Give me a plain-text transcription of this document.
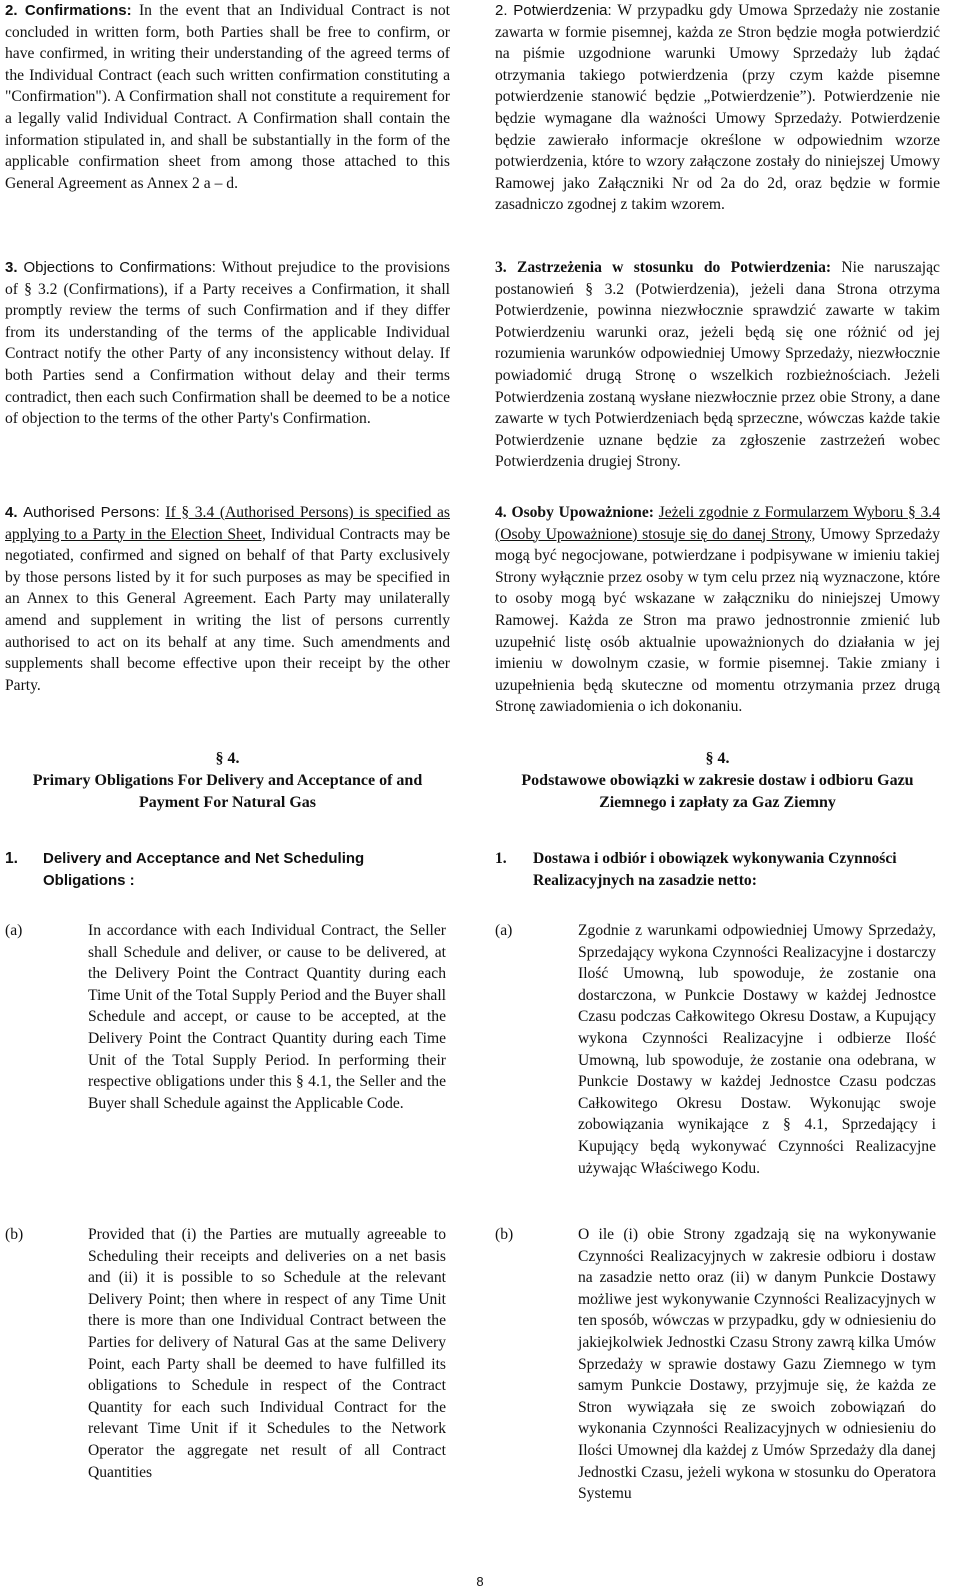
2. Confirmations: In the event that an Individual Contract is not concluded in written form, both Parties shall be free to confirm, or have confirmed, in writing their understanding of the agreed terms of the Individual Contract (each such written confirmation constituting a "Confirmation"). A Confirmation shall not constitute a requirement for a legally valid Individual Contract. A Confirmation shall contain the information stipulated in, and shall be substantially in the form of the applicable confirmation sheet from among those attached to this General Agreement as Annex 2 a – d.

3. Objections to Confirmations: Without prejudice to the provisions of § 3.2 (Confirmations), if a Party receives a Confirmation, it shall promptly review the terms of such Confirmation and if they differ from its understanding of the terms of the applicable Individual Contract notify the other Party of any inconsistency without delay. If both Parties send a Confirmation without delay and their terms contradict, then each such Confirmation shall be deemed to be a notice of objection to the terms of the other Party's Confirmation.

4. Authorised Persons: If § 3.4 (Authorised Persons) is specified as applying to a Party in the Election Sheet, Individual Contracts may be negotiated, confirmed and signed on behalf of that Party exclusively by those persons listed by it for such purposes as may be specified in an Annex to this General Agreement. Each Party may unilaterally amend and supplement in writing the list of persons currently authorised to act on its behalf at any time. Such amendments and supplements shall become effective upon their receipt by the other Party.

§ 4.
Primary Obligations For Delivery and Acceptance of and Payment For Natural Gas
1. Delivery and Acceptance and Net Scheduling Obligations :

(a)	In accordance with each Individual Contract, the Seller shall Schedule and deliver, or cause to be delivered, at the Delivery Point the Contract Quantity during each Time Unit of the Total Supply Period and the Buyer shall Schedule and accept, or cause to be accepted, at the Delivery Point the Contract Quantity during each Time Unit of the Total Supply Period. In performing their respective obligations under this § 4.1, the Seller and the Buyer shall Schedule against the Applicable Code.

(b)	Provided that (i) the Parties are mutually agreeable to Scheduling their receipts and deliveries on a net basis and (ii) it is possible to so Schedule at the relevant Delivery Point; then where in respect of any Time Unit there is more than one Individual Contract between the Parties for delivery of Natural Gas at the same Delivery Point, each Party shall be deemed to have fulfilled its obligations to Schedule in respect of the Contract Quantity for each such Individual Contract for the relevant Time Unit if it Schedules to the Network Operator the aggregate net result of all Contract Quantities

2. Potwierdzenia: W przypadku gdy Umowa Sprzedaży nie zostanie zawarta w formie pisemnej, każda ze Stron będzie mogła potwierdzić na piśmie uzgodnione warunki Umowy Sprzedaży lub żądać otrzymania takiego potwierdzenia (przy czym każde pisemne potwierdzenie stanowić będzie „Potwierdzenie”). Potwierdzenie nie będzie wymagane dla ważności Umowy Sprzedaży. Potwierdzenie będzie zawierało informacje określone w odpowiednim wzorze potwierdzenia, które to wzory załączone zostały do niniejszej Umowy Ramowej jako Załączniki Nr od 2a do 2d, oraz będzie w formie zasadniczo zgodnej z takim wzorem.

3. Zastrzeżenia w stosunku do Potwierdzenia: Nie naruszając postanowień § 3.2 (Potwierdzenia), jeżeli dana Strona otrzyma Potwierdzenie, powinna niezwłocznie sprawdzić zawarte w takim Potwierdzeniu warunki oraz, jeżeli będą się one różnić od jej rozumienia warunków odpowiedniej Umowy Sprzedaży, niezwłocznie powiadomić drugą Stronę o wszelkich rozbieżnościach. Jeżeli Potwierdzenia zostaną wysłane niezwłocznie przez obie Strony, a dane zawarte w tych Potwierdzeniach będą sprzeczne, wówczas każde takie Potwierdzenie uznane będzie za zgłoszenie zastrzeżeń wobec Potwierdzenia drugiej Strony.

4. Osoby Upoważnione: Jeżeli zgodnie z Formularzem Wyboru § 3.4 (Osoby Upoważnione) stosuje się do danej Strony, Umowy Sprzedaży mogą być negocjowane, potwierdzane i podpisywane w imieniu takiej Strony wyłącznie przez osoby w tym celu przez nią wyznaczone, które to osoby mogą być wskazane w załączniku do niniejszej Umowy Ramowej. Każda ze Stron ma prawo jednostronnie zmienić lub uzupełnić listę osób aktualnie upoważnionych do działania w jej imieniu w dowolnym czasie, w formie pisemnej. Takie zmiany i uzupełnienia będą skuteczne od momentu otrzymania przez drugą Stronę zawiadomienia o ich dokonaniu.

§ 4.
Podstawowe obowiązki w zakresie dostaw i odbioru Gazu Ziemnego i zapłaty za Gaz Ziemny
1. Dostawa i odbiór i obowiązek wykonywania Czynności Realizacyjnych na zasadzie netto:

(a)	Zgodnie z warunkami odpowiedniej Umowy Sprzedaży, Sprzedający wykona Czynności Realizacyjne i dostarczy Ilość Umowną, lub spowoduje, że zostanie ona dostarczona, w Punkcie Dostawy w każdej Jednostce Czasu podczas Całkowitego Okresu Dostaw, a Kupujący wykona Czynności Realizacyjne i odbierze Ilość Umowną, lub spowoduje, że zostanie ona odebrana, w Punkcie Dostawy w każdej Jednostce Czasu podczas Całkowitego Okresu Dostaw. Wykonując swoje zobowiązania wynikające z § 4.1, Sprzedający i Kupujący będą wykonywać Czynności Realizacyjne używając Właściwego Kodu.

(b)	O ile (i) obie Strony zgadzają się na wykonywanie Czynności Realizacyjnych w zakresie odbioru i dostaw na zasadzie netto oraz (ii) w danym Punkcie Dostawy możliwe jest wykonywanie Czynności Realizacyjnych w ten sposób, wówczas w przypadku, gdy w odniesieniu do jakiejkolwiek Jednostki Czasu Strony zawrą kilka Umów Sprzedaży w sprawie dostawy Gazu Ziemnego w tym samym Punkcie Dostawy, przyjmuje się, że każda ze Stron wywiązała się ze swoich zobowiązań do wykonania Czynności Realizacyjnych w odniesieniu do Ilości Umownej dla każdej z Umów Sprzedaży dla danej Jednostki Czasu, jeżeli wykona w stosunku do Operatora Systemu

8
